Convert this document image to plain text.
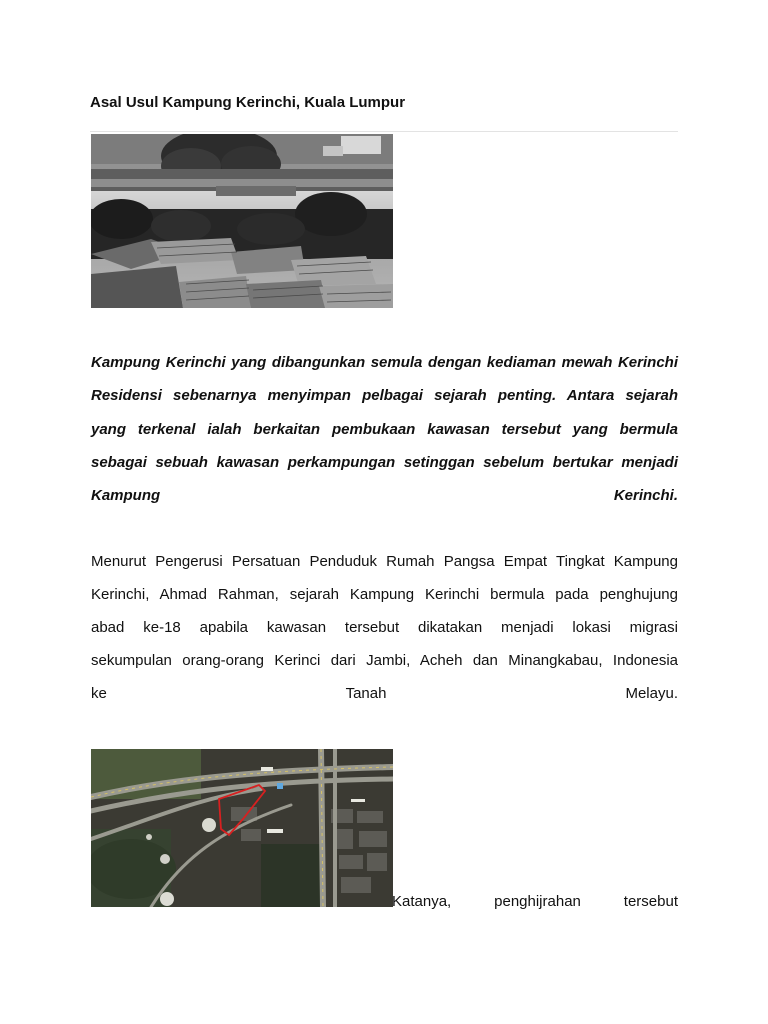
Asal Usul Kampung Kerinchi, Kuala Lumpur
Kampung Kerinchi yang dibangunkan semula dengan kediaman mewah Kerinchi
Residensi sebenarnya menyimpan pelbagai sejarah penting. Antara sejarah
yang terkenal ialah berkaitan pembukaan kawasan tersebut yang bermula
sebagai sebuah kawasan perkampungan setinggan sebelum bertukar menjadi
Kampung Kerinchi.
Menurut Pengerusi Persatuan Penduduk Rumah Pangsa Empat Tingkat Kampung
Kerinchi, Ahmad Rahman, sejarah Kampung Kerinchi bermula pada penghujung
abad ke-18 apabila kawasan tersebut dikatakan menjadi lokasi migrasi
sekumpulan orang-orang Kerinci dari Jambi, Acheh dan Minangkabau, Indonesia
ke Tanah Melayu.
Katanya, penghijrahan tersebut
